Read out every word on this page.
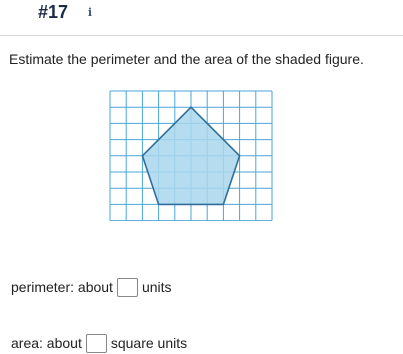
#17	i
Estimate the perimeter and the area of the shaded figure.
perimeter: about units
area: about square units
